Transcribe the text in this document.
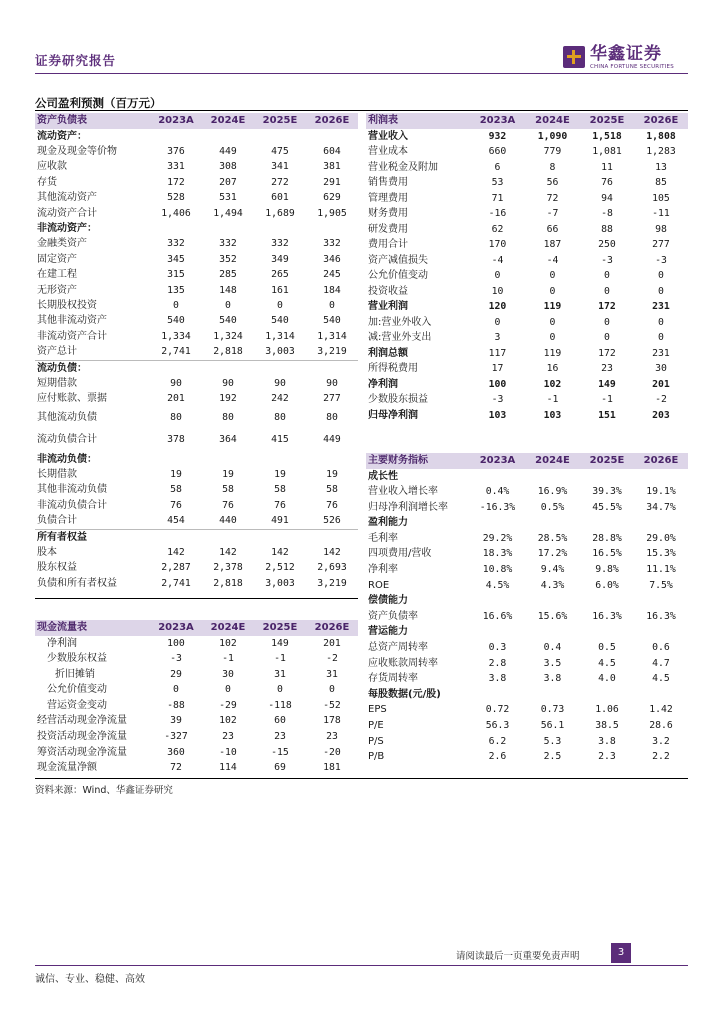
证券研究报告	华鑫证券
CHINA FORTUNE SECURITIES
公司盈利预测（百万元）
资产负债表	2023A	2024E	2025E	2026E
流动资产：				
现金及现金等价物	376	449	475	604
应收款	331	308	341	381
存货	172	207	272	291
其他流动资产	528	531	601	629
流动资产合计	1,406	1,494	1,689	1,905
非流动资产：				
金融类资产	332	332	332	332
固定资产	345	352	349	346
在建工程	315	285	265	245
无形资产	135	148	161	184
长期股权投资	0	0	0	0
其他非流动资产	540	540	540	540
非流动资产合计	1,334	1,324	1,314	1,314
资产总计	2,741	2,818	3,003	3,219
流动负债：				
短期借款	90	90	90	90
应付账款、票据	201	192	242	277
其他流动负债	80	80	80	80
流动负债合计	378	364	415	449
非流动负债：				
长期借款	19	19	19	19
其他非流动负债	58	58	58	58
非流动负债合计	76	76	76	76
负债合计	454	440	491	526
所有者权益				
股本	142	142	142	142
股东权益	2,287	2,378	2,512	2,693
负债和所有者权益	2,741	2,818	3,003	3,219
利润表	2023A	2024E	2025E	2026E
营业收入	932	1,090	1,518	1,808
营业成本	660	779	1,081	1,283
营业税金及附加	6	8	11	13
销售费用	53	56	76	85
管理费用	71	72	94	105
财务费用	-16	-7	-8	-11
研发费用	62	66	88	98
费用合计	170	187	250	277
资产减值损失	-4	-4	-3	-3
公允价值变动	0	0	0	0
投资收益	10	0	0	0
营业利润	120	119	172	231
加:营业外收入	0	0	0	0
减:营业外支出	3	0	0	0
利润总额	117	119	172	231
所得税费用	17	16	23	30
净利润	100	102	149	201
少数股东损益	-3	-1	-1	-2
归母净利润	103	103	151	203
主要财务指标	2023A	2024E	2025E	2026E
成长性				
营业收入增长率	0.4%	16.9%	39.3%	19.1%
归母净利润增长率	-16.3%	0.5%	45.5%	34.7%
盈利能力				
毛利率	29.2%	28.5%	28.8%	29.0%
四项费用/营收	18.3%	17.2%	16.5%	15.3%
净利率	10.8%	9.4%	9.8%	11.1%
ROE	4.5%	4.3%	6.0%	7.5%
偿债能力				
资产负债率	16.6%	15.6%	16.3%	16.3%
营运能力				
总资产周转率	0.3	0.4	0.5	0.6
应收账款周转率	2.8	3.5	4.5	4.7
存货周转率	3.8	3.8	4.0	4.5
每股数据(元/股)				
EPS	0.72	0.73	1.06	1.42
P/E	56.3	56.1	38.5	28.6
P/S	6.2	5.3	3.8	3.2
P/B	2.6	2.5	2.3	2.2
现金流量表	2023A	2024E	2025E	2026E
净利润	100	102	149	201
少数股东权益	-3	-1	-1	-2
折旧摊销	29	30	31	31
公允价值变动	0	0	0	0
营运资金变动	-88	-29	-118	-52
经营活动现金净流量	39	102	60	178
投资活动现金净流量	-327	23	23	23
筹资活动现金净流量	360	-10	-15	-20
现金流量净额	72	114	69	181
资料来源：Wind、华鑫证券研究
请阅读最后一页重要免责声明	3
诚信、专业、稳健、高效
